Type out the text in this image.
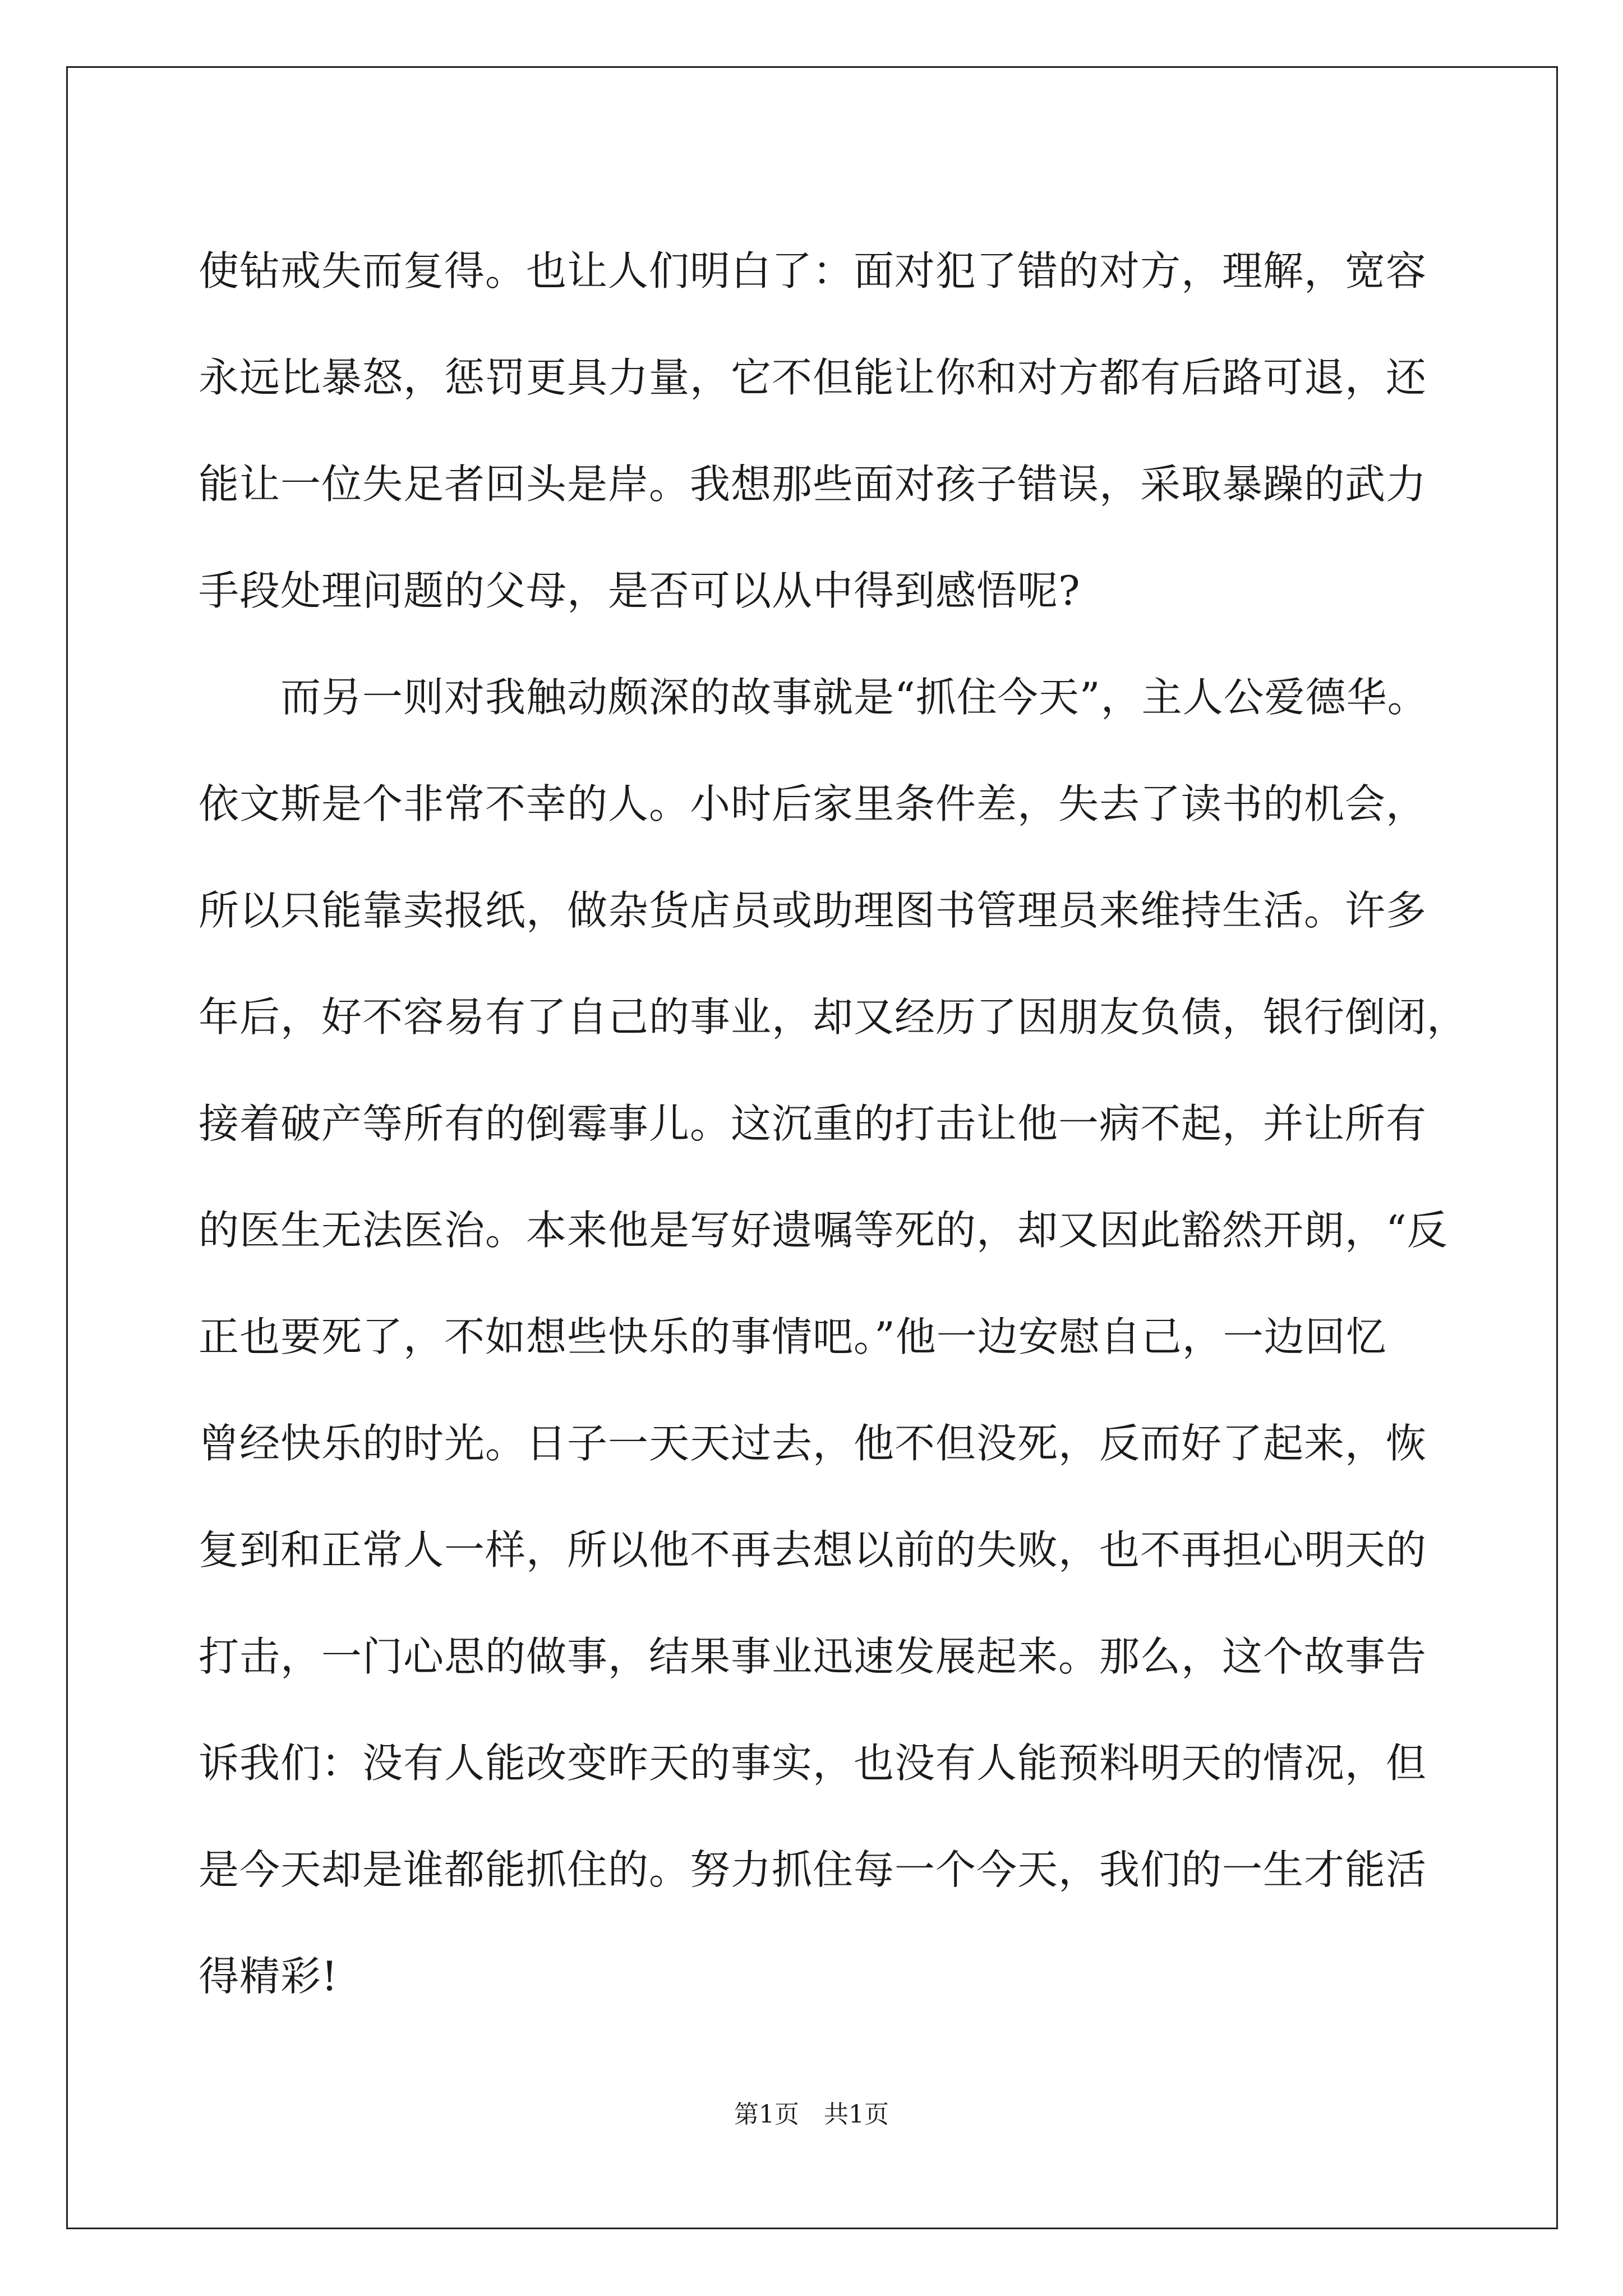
使钻戒失而复得。也让人们明白了：面对犯了错的对方，理解，宽容
永远比暴怒，惩罚更具力量，它不但能让你和对方都有后路可退，还
能让一位失足者回头是岸。我想那些面对孩子错误，采取暴躁的武力
手段处理问题的父母，是否可以从中得到感悟呢?
　　而另一则对我触动颇深的故事就是“抓住今天”，主人公爱德华。
依文斯是个非常不幸的人。小时后家里条件差，失去了读书的机会，
所以只能靠卖报纸，做杂货店员或助理图书管理员来维持生活。许多
年后，好不容易有了自己的事业，却又经历了因朋友负债，银行倒闭，
接着破产等所有的倒霉事儿。这沉重的打击让他一病不起，并让所有
的医生无法医治。本来他是写好遗嘱等死的，却又因此豁然开朗，“反
正也要死了，不如想些快乐的事情吧。”他一边安慰自己，一边回忆
曾经快乐的时光。日子一天天过去，他不但没死，反而好了起来，恢
复到和正常人一样，所以他不再去想以前的失败，也不再担心明天的
打击，一门心思的做事，结果事业迅速发展起来。那么，这个故事告
诉我们：没有人能改变昨天的事实，也没有人能预料明天的情况，但
是今天却是谁都能抓住的。努力抓住每一个今天，我们的一生才能活
得精彩!
第1页　共1页
